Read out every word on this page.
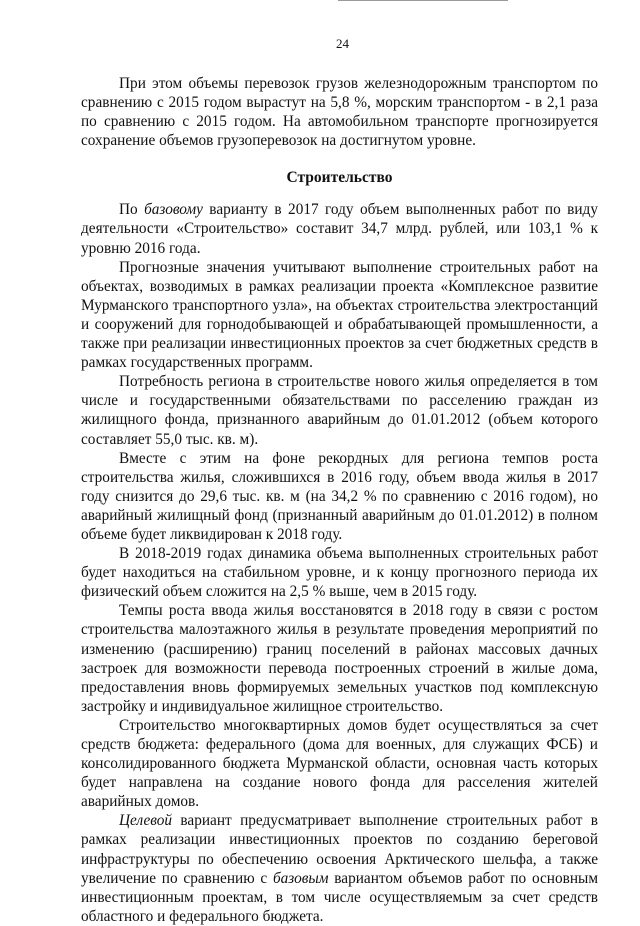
24

При этом объемы перевозок грузов железнодорожным транспортом по сравнению с 2015 годом вырастут на 5,8 %, морским транспортом - в 2,1 раза по сравнению с 2015 годом. На автомобильном транспорте прогнозируется сохранение объемов грузоперевозок на достигнутом уровне.

Строительство

По базовому варианту в 2017 году объем выполненных работ по виду деятельности «Строительство» составит 34,7 млрд. рублей, или 103,1 % к уровню 2016 года.

Прогнозные значения учитывают выполнение строительных работ на объектах, возводимых в рамках реализации проекта «Комплексное развитие Мурманского транспортного узла», на объектах строительства электростанций и сооружений для горнодобывающей и обрабатывающей промышленности, а также при реализации инвестиционных проектов за счет бюджетных средств в рамках государственных программ.

Потребность региона в строительстве нового жилья определяется в том числе и государственными обязательствами по расселению граждан из жилищного фонда, признанного аварийным до 01.01.2012 (объем которого составляет 55,0 тыс. кв. м).

Вместе с этим на фоне рекордных для региона темпов роста строительства жилья, сложившихся в 2016 году, объем ввода жилья в 2017 году снизится до 29,6 тыс. кв. м (на 34,2 % по сравнению с 2016 годом), но аварийный жилищный фонд (признанный аварийным до 01.01.2012) в полном объеме будет ликвидирован к 2018 году.

В 2018-2019 годах динамика объема выполненных строительных работ будет находиться на стабильном уровне, и к концу прогнозного периода их физический объем сложится на 2,5 % выше, чем в 2015 году.

Темпы роста ввода жилья восстановятся в 2018 году в связи с ростом строительства малоэтажного жилья в результате проведения мероприятий по изменению (расширению) границ поселений в районах массовых дачных застроек для возможности перевода построенных строений в жилые дома, предоставления вновь формируемых земельных участков под комплексную застройку и индивидуальное жилищное строительство.

Строительство многоквартирных домов будет осуществляться за счет средств бюджета: федерального (дома для военных, для служащих ФСБ) и консолидированного бюджета Мурманской области, основная часть которых будет направлена на создание нового фонда для расселения жителей аварийных домов.

Целевой вариант предусматривает выполнение строительных работ в рамках реализации инвестиционных проектов по созданию береговой инфраструктуры по обеспечению освоения Арктического шельфа, а также увеличение по сравнению с базовым вариантом объемов работ по основным инвестиционным проектам, в том числе осуществляемым за счет средств областного и федерального бюджета.
